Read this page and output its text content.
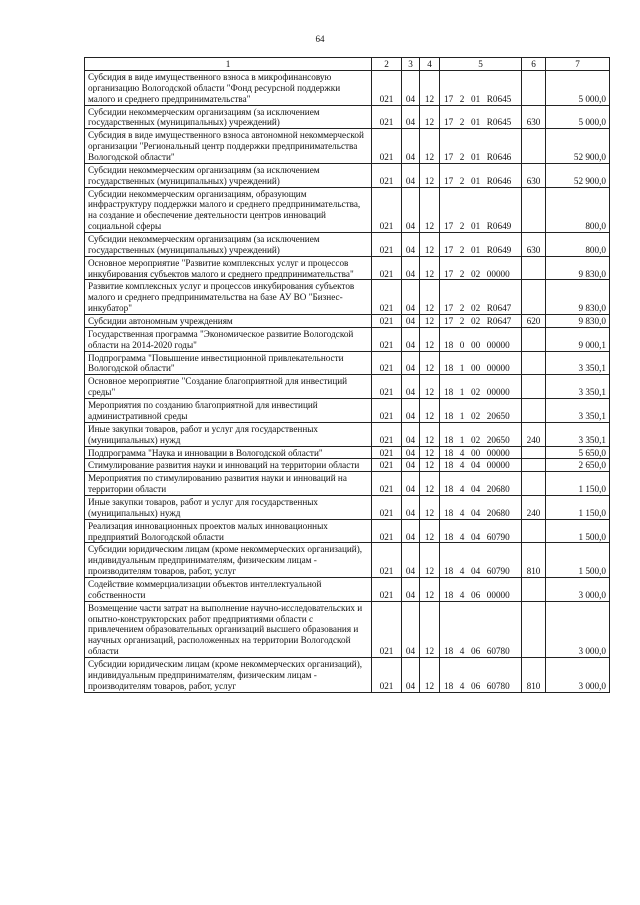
64
1	2	3	4	5	6	7
Субсидия в виде имущественного взноса в микрофинансовую организацию Вологодской области "Фонд ресурсной поддержки малого и среднего предпринимательства"	021	04	12	17  2  01  R0645		5 000,0
Субсидии некоммерческим организациям (за исключением государственных (муниципальных) учреждений)	021	04	12	17  2  01  R0645	630	5 000,0
Субсидия в виде имущественного взноса автономной некоммерческой организации "Региональный центр поддержки предпринимательства Вологодской области"	021	04	12	17  2  01  R0646		52 900,0
Субсидии некоммерческим организациям (за исключением государственных (муниципальных) учреждений)	021	04	12	17  2  01  R0646	630	52 900,0
Субсидии некоммерческим организациям, образующим инфраструктуру поддержки малого и среднего предпринимательства, на создание и обеспечение деятельности центров инноваций социальной сферы	021	04	12	17  2  01  R0649		800,0
Субсидии некоммерческим организациям (за исключением государственных (муниципальных) учреждений)	021	04	12	17  2  01  R0649	630	800,0
Основное мероприятие "Развитие комплексных услуг и процессов инкубирования субъектов малого и среднего предпринимательства"	021	04	12	17  2  02  00000		9 830,0
Развитие комплексных услуг и процессов инкубирования субъектов малого и среднего предпринимательства на базе АУ ВО "Бизнес-инкубатор"	021	04	12	17  2  02  R0647		9 830,0
Субсидии автономным учреждениям	021	04	12	17  2  02  R0647	620	9 830,0
Государственная программа "Экономическое развитие Вологодской области на 2014-2020 годы"	021	04	12	18  0  00  00000		9 000,1
Подпрограмма "Повышение инвестиционной привлекательности Вологодской области"	021	04	12	18  1  00  00000		3 350,1
Основное мероприятие "Создание благоприятной для инвестиций среды"	021	04	12	18  1  02  00000		3 350,1
Мероприятия по созданию благоприятной для инвестиций административной среды	021	04	12	18  1  02  20650		3 350,1
Иные закупки товаров, работ и услуг для государственных (муниципальных) нужд	021	04	12	18  1  02  20650	240	3 350,1
Подпрограмма "Наука и инновации в Вологодской области"	021	04	12	18  4  00  00000		5 650,0
Стимулирование развития науки и инноваций на территории области	021	04	12	18  4  04  00000		2 650,0
Мероприятия по стимулированию развития науки и инноваций на территории области	021	04	12	18  4  04  20680		1 150,0
Иные закупки товаров, работ и услуг для государственных (муниципальных) нужд	021	04	12	18  4  04  20680	240	1 150,0
Реализация инновационных проектов малых инновационных предприятий Вологодской области	021	04	12	18  4  04  60790		1 500,0
Субсидии юридическим лицам (кроме некоммерческих организаций), индивидуальным предпринимателям, физическим лицам - производителям товаров, работ, услуг	021	04	12	18  4  04  60790	810	1 500,0
Содействие коммерциализации объектов интеллектуальной собственности	021	04	12	18  4  06  00000		3 000,0
Возмещение части затрат на выполнение научно-исследовательских и опытно-конструкторских работ предприятиями области с привлечением образовательных организаций высшего образования и научных организаций, расположенных на территории Вологодской области	021	04	12	18  4  06  60780		3 000,0
Субсидии юридическим лицам (кроме некоммерческих организаций), индивидуальным предпринимателям, физическим лицам - производителям товаров, работ, услуг	021	04	12	18  4  06  60780	810	3 000,0
